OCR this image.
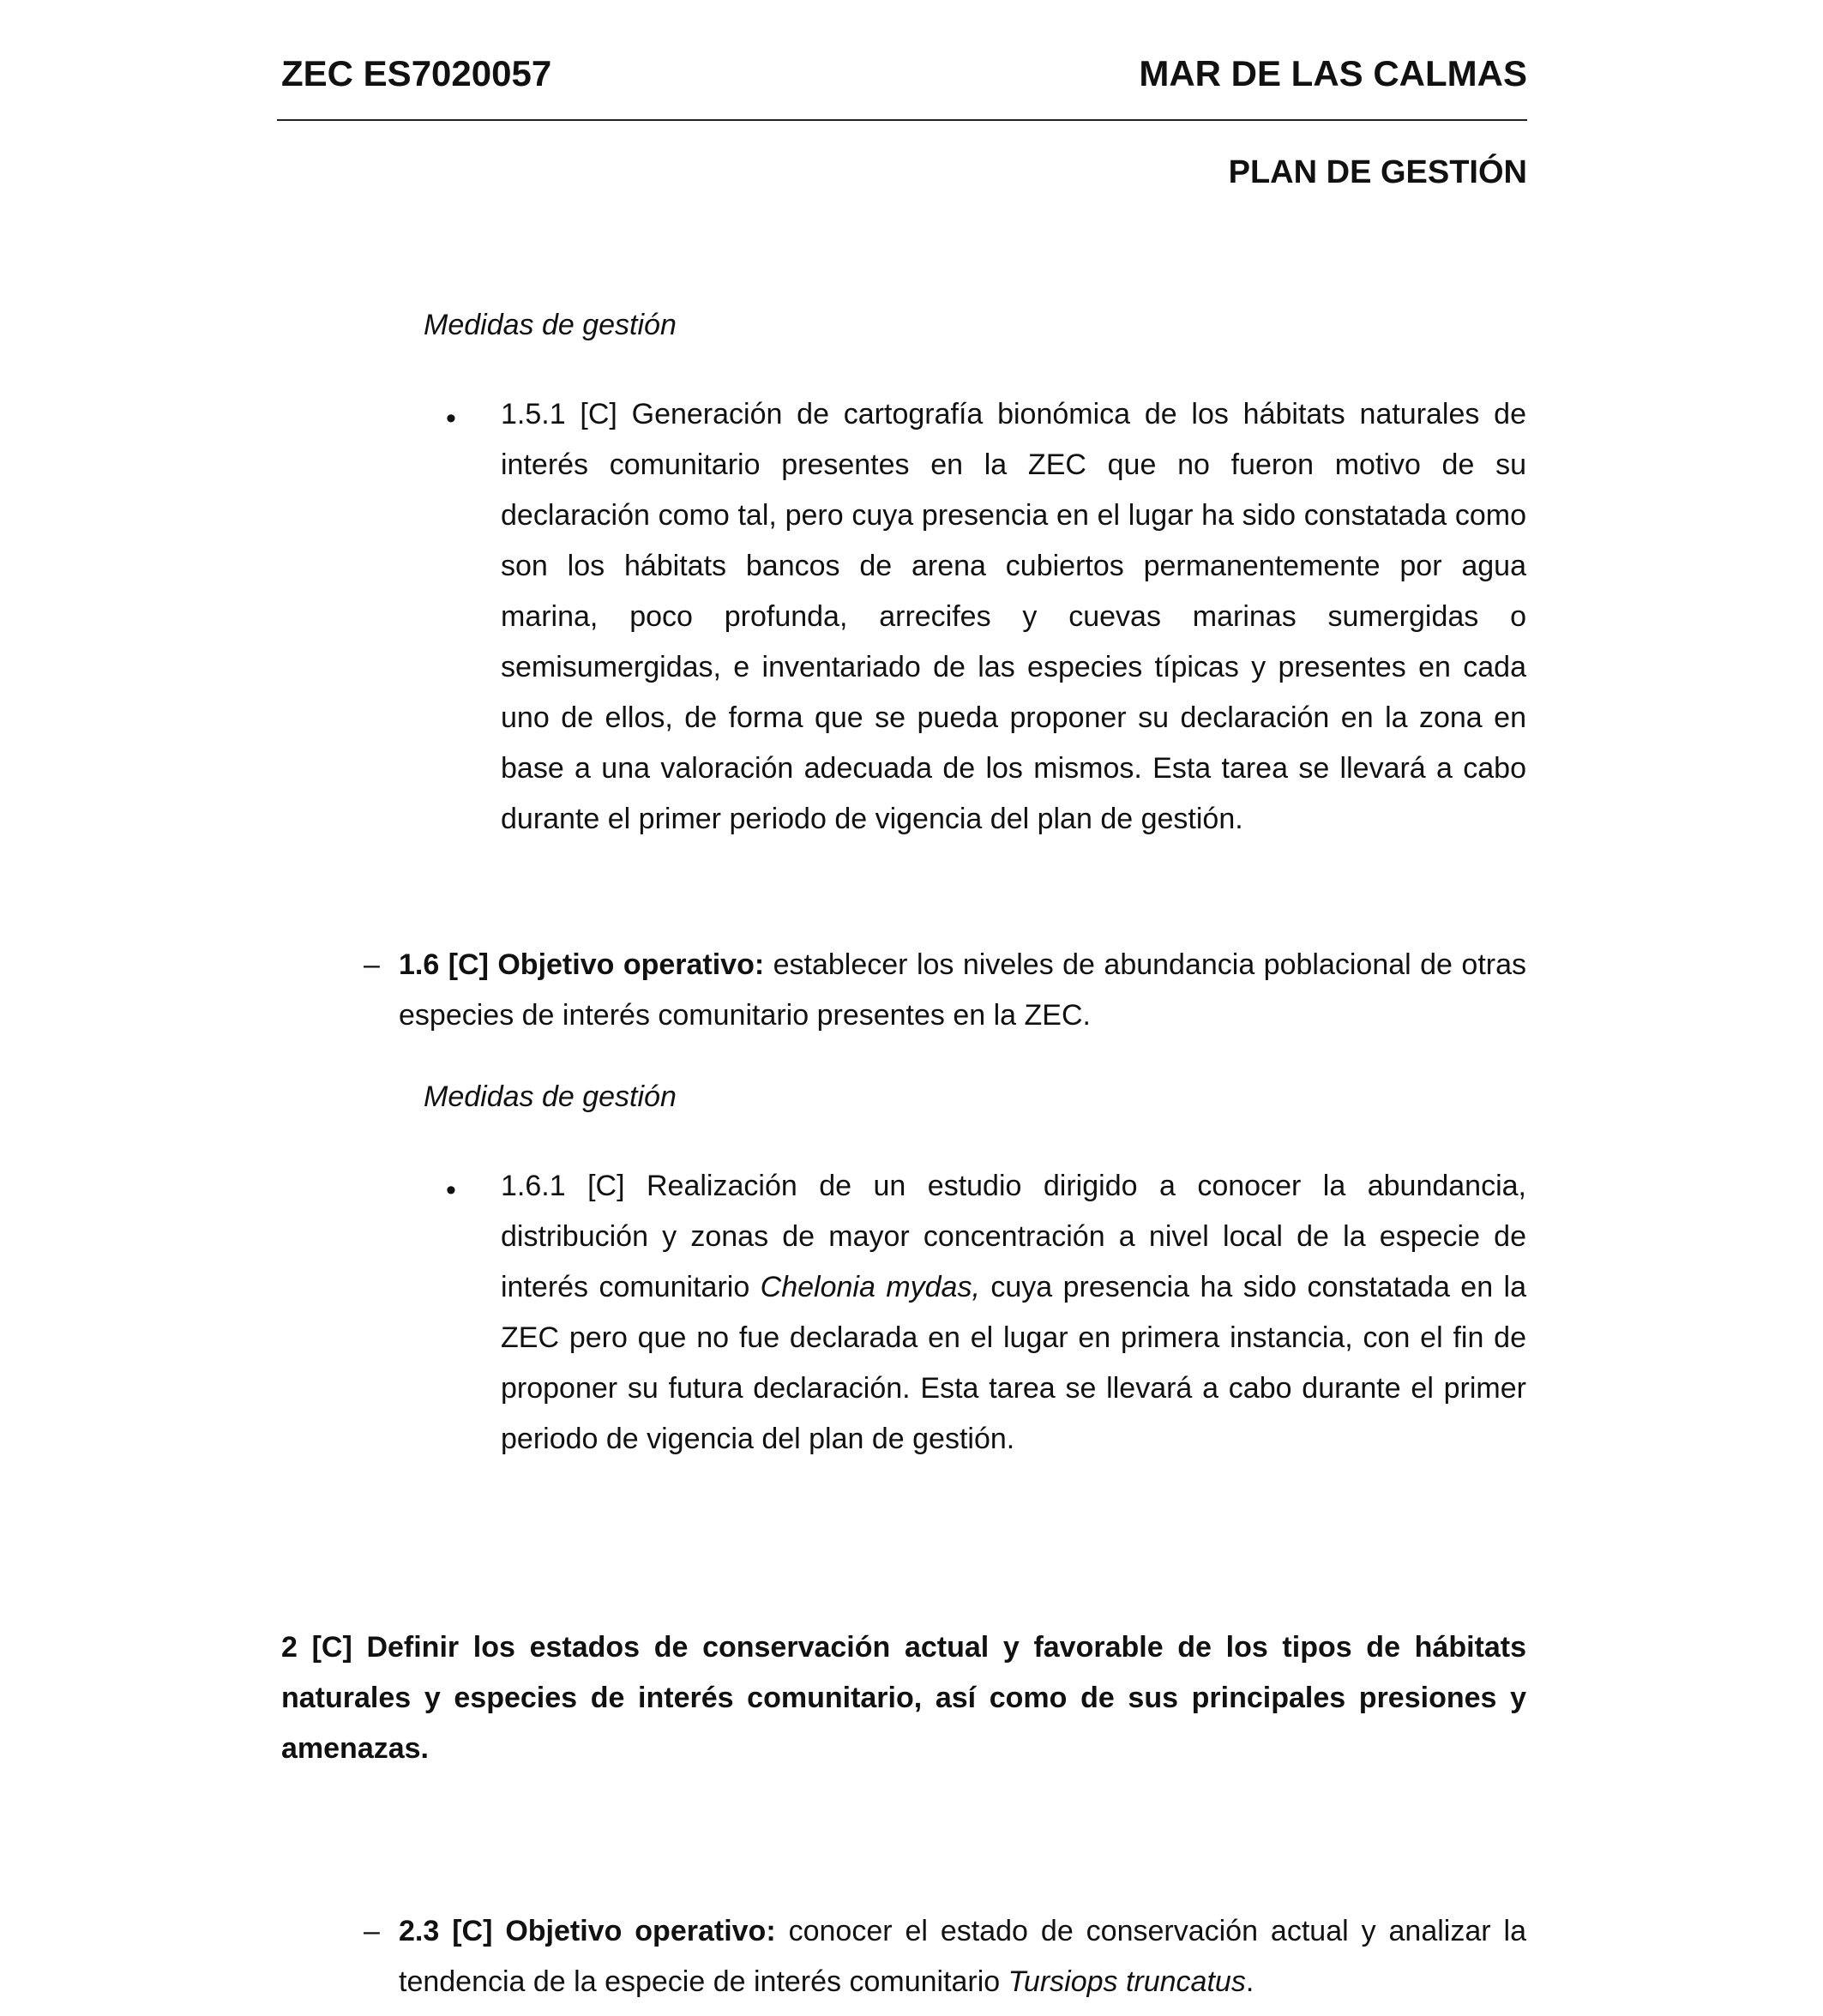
ZEC ES7020057	MAR DE LAS CALMAS
PLAN DE GESTIÓN
Medidas de gestión
• 1.5.1 [C] Generación de cartografía bionómica de los hábitats naturales de interés comunitario presentes en la ZEC que no fueron motivo de su declaración como tal, pero cuya presencia en el lugar ha sido constatada como son los hábitats bancos de arena cubiertos permanentemente por agua marina, poco profunda, arrecifes y cuevas marinas sumergidas o semisumergidas, e inventariado de las especies típicas y presentes en cada uno de ellos, de forma que se pueda proponer su declaración en la zona en base a una valoración adecuada de los mismos. Esta tarea se llevará a cabo durante el primer periodo de vigencia del plan de gestión.
– 1.6 [C] Objetivo operativo: establecer los niveles de abundancia poblacional de otras especies de interés comunitario presentes en la ZEC.
Medidas de gestión
• 1.6.1 [C] Realización de un estudio dirigido a conocer la abundancia, distribución y zonas de mayor concentración a nivel local de la especie de interés comunitario Chelonia mydas, cuya presencia ha sido constatada en la ZEC pero que no fue declarada en el lugar en primera instancia, con el fin de proponer su futura declaración. Esta tarea se llevará a cabo durante el primer periodo de vigencia del plan de gestión.
2 [C] Definir los estados de conservación actual y favorable de los tipos de hábitats naturales y especies de interés comunitario, así como de sus principales presiones y amenazas.
– 2.3 [C] Objetivo operativo: conocer el estado de conservación actual y analizar la tendencia de la especie de interés comunitario Tursiops truncatus.
